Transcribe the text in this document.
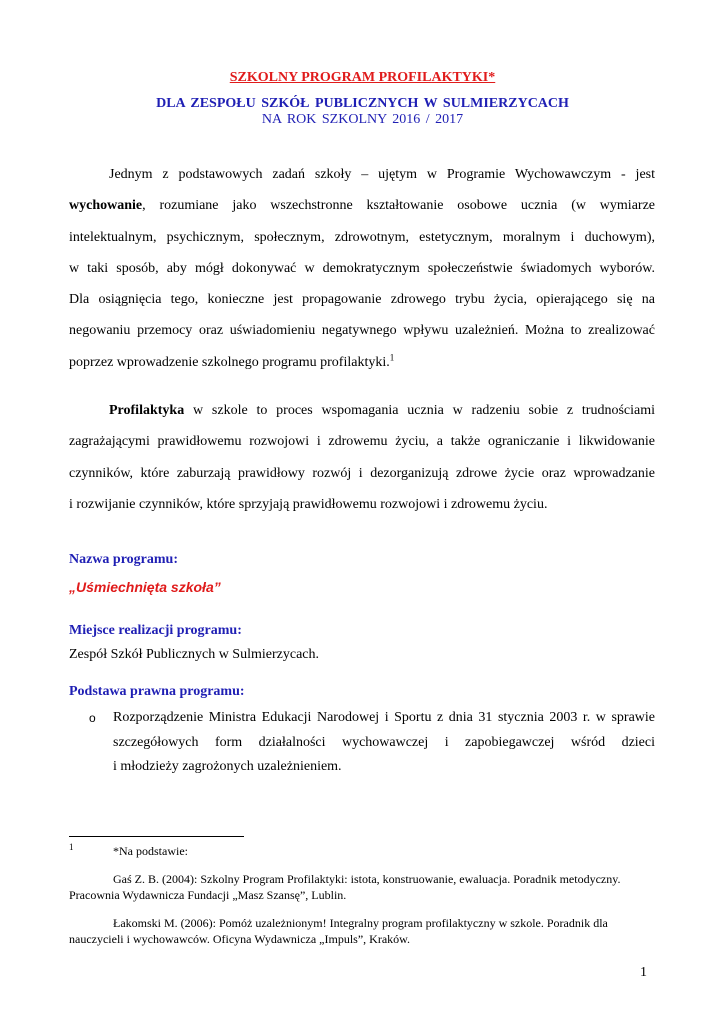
SZKOLNY PROGRAM PROFILAKTYKI*
DLA ZESPOŁU SZKÓŁ PUBLICZNYCH W SULMIERZYCACH
NA ROK SZKOLNY 2016 / 2017
Jednym z podstawowych zadań szkoły – ujętym w Programie Wychowawczym - jest
wychowanie, rozumiane jako wszechstronne kształtowanie osobowe ucznia (w wymiarze
intelektualnym, psychicznym, społecznym, zdrowotnym, estetycznym, moralnym i duchowym),
w taki sposób, aby mógł dokonywać w demokratycznym społeczeństwie świadomych wyborów.
Dla osiągnięcia tego, konieczne jest propagowanie zdrowego trybu życia, opierającego się na
negowaniu przemocy oraz uświadomieniu negatywnego wpływu uzależnień. Można to zrealizować
poprzez wprowadzenie szkolnego programu profilaktyki.$^1$
Profilaktyka w szkole to proces wspomagania ucznia w radzeniu sobie z trudnościami
zagrażającymi prawidłowemu rozwojowi i zdrowemu życiu, a także ograniczanie i likwidowanie
czynników, które zaburzają prawidłowy rozwój i dezorganizują zdrowe życie oraz wprowadzanie
i rozwijanie czynników, które sprzyjają prawidłowemu rozwojowi i zdrowemu życiu.
Nazwa programu:
„Uśmiechnięta szkoła”
Miejsce realizacji programu:
Zespół Szkół Publicznych w Sulmierzycach.
Podstawa prawna programu:
o Rozporządzenie Ministra Edukacji Narodowej i Sportu z dnia 31 stycznia 2003 r. w sprawie
szczegółowych form działalności wychowawczej i zapobiegawczej wśród dzieci
i młodzieży zagrożonych uzależnieniem.
1	*Na podstawie:
Gaś Z. B. (2004): Szkolny Program Profilaktyki: istota, konstruowanie, ewaluacja. Poradnik metodyczny.
Pracownia Wydawnicza Fundacji „Masz Szansę”, Lublin.
Łakomski M. (2006): Pomóż uzależnionym! Integralny program profilaktyczny w szkole. Poradnik dla
nauczycieli i wychowawców. Oficyna Wydawnicza „Impuls”, Kraków.
1
